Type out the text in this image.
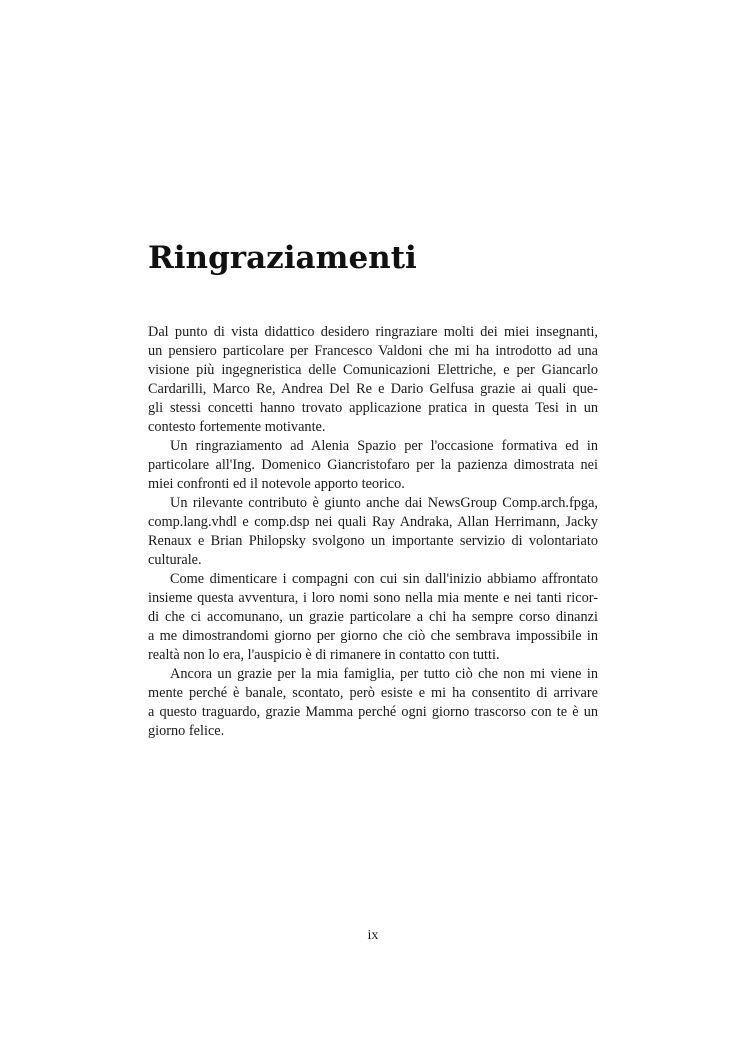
Ringraziamenti
Dal punto di vista didattico desidero ringraziare molti dei miei insegnanti,
un pensiero particolare per Francesco Valdoni che mi ha introdotto ad una
visione più ingegneristica delle Comunicazioni Elettriche, e per Giancarlo
Cardarilli, Marco Re, Andrea Del Re e Dario Gelfusa grazie ai quali que-
gli stessi concetti hanno trovato applicazione pratica in questa Tesi in un
contesto fortemente motivante.
Un ringraziamento ad Alenia Spazio per l'occasione formativa ed in
particolare all'Ing. Domenico Giancristofaro per la pazienza dimostrata nei
miei confronti ed il notevole apporto teorico.
Un rilevante contributo è giunto anche dai NewsGroup Comp.arch.fpga,
comp.lang.vhdl e comp.dsp nei quali Ray Andraka, Allan Herrimann, Jacky
Renaux e Brian Philopsky svolgono un importante servizio di volontariato
culturale.
Come dimenticare i compagni con cui sin dall'inizio abbiamo affrontato
insieme questa avventura, i loro nomi sono nella mia mente e nei tanti ricor-
di che ci accomunano, un grazie particolare a chi ha sempre corso dinanzi
a me dimostrandomi giorno per giorno che ciò che sembrava impossibile in
realtà non lo era, l'auspicio è di rimanere in contatto con tutti.
Ancora un grazie per la mia famiglia, per tutto ciò che non mi viene in
mente perché è banale, scontato, però esiste e mi ha consentito di arrivare
a questo traguardo, grazie Mamma perché ogni giorno trascorso con te è un
giorno felice.
ix
